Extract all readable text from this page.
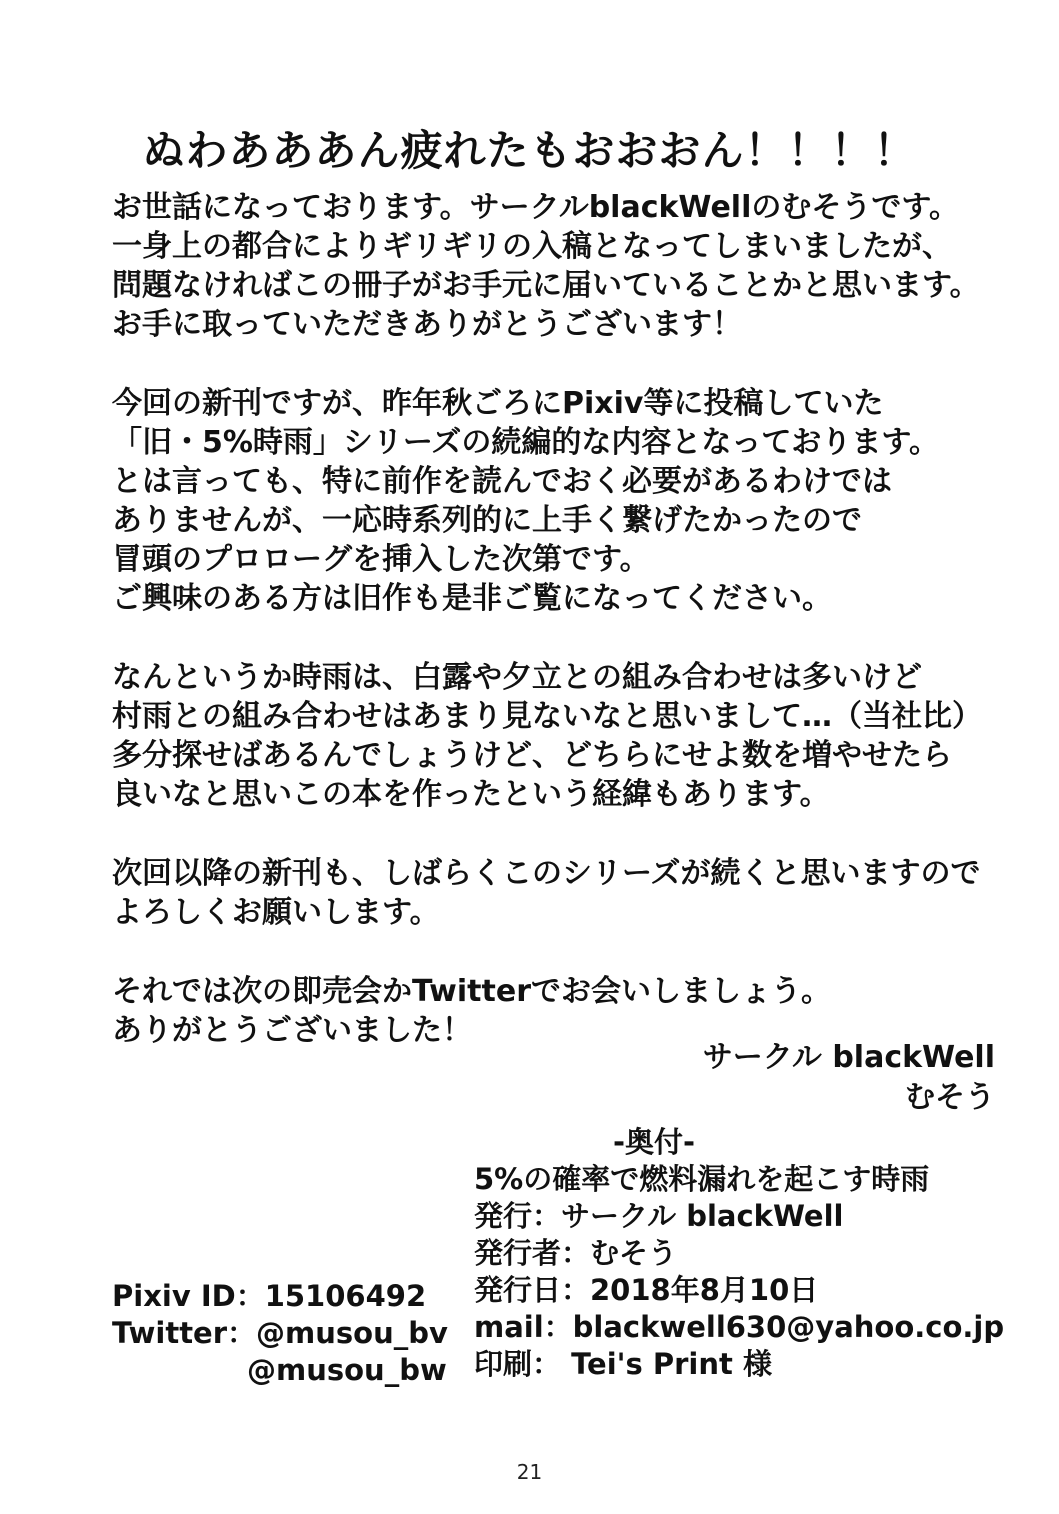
ぬわあああん疲れたもおおおん！！！！
お世話になっております。サークルblackWellのむそうです。
一身上の都合によりギリギリの入稿となってしまいましたが、
問題なければこの冊子がお手元に届いていることかと思います。
お手に取っていただきありがとうございます！
今回の新刊ですが、昨年秋ごろにPixiv等に投稿していた
「旧・5%時雨」シリーズの続編的な内容となっております。
とは言っても、特に前作を読んでおく必要があるわけでは
ありませんが、一応時系列的に上手く繋げたかったので
冒頭のプロローグを挿入した次第です。
ご興味のある方は旧作も是非ご覧になってください。
なんというか時雨は、白露や夕立との組み合わせは多いけど
村雨との組み合わせはあまり見ないなと思いまして…（当社比）
多分探せばあるんでしょうけど、どちらにせよ数を増やせたら
良いなと思いこの本を作ったという経緯もあります。
次回以降の新刊も、しばらくこのシリーズが続くと思いますので
よろしくお願いします。
それでは次の即売会かTwitterでお会いしましょう。
ありがとうございました！
サークル blackWell
むそう
-奥付-
5%の確率で燃料漏れを起こす時雨
発行：サークル blackWell
発行者：むそう
発行日：2018年8月10日
mail：blackwell630@yahoo.co.jp
印刷： Tei's Print 様
Pixiv ID：15106492
Twitter：@musou_bv
@musou_bw
21
